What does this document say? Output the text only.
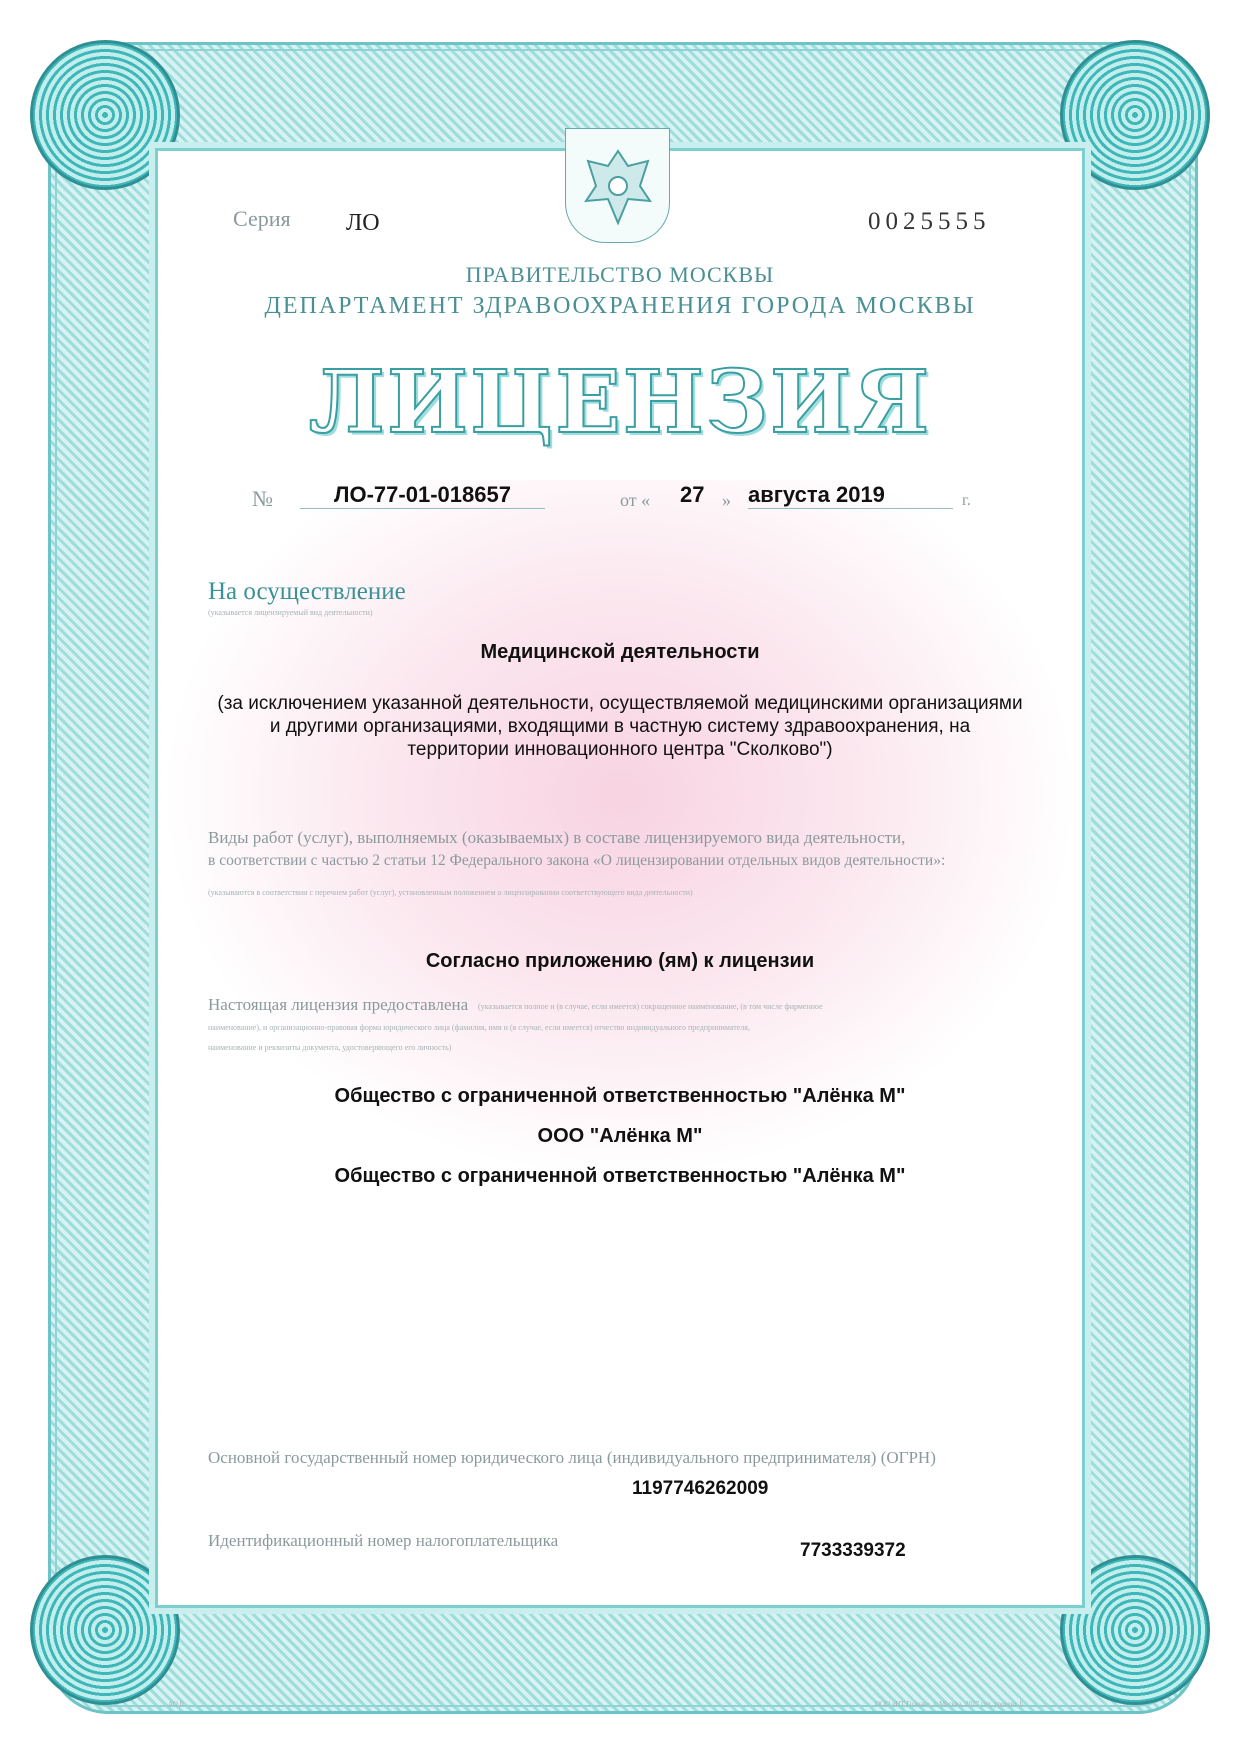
Серия ЛО	0025555
ПРАВИТЕЛЬСТВО МОСКВЫ
ДЕПАРТАМЕНТ ЗДРАВООХРАНЕНИЯ ГОРОДА МОСКВЫ
ЛИЦЕНЗИЯ
№	ЛО-77-01-018657	от « 27 » августа 2019	г.
На осуществление
(указывается лицензируемый вид деятельности)
Медицинской деятельности
(за исключением указанной деятельности, осуществляемой медицинскими организациями
и другими организациями, входящими в частную систему здравоохранения, на
территории инновационного центра "Сколково")
Виды работ (услуг), выполняемых (оказываемых) в составе лицензируемого вида деятельности,
в соответствии с частью 2 статьи 12 Федерального закона «О лицензировании отдельных видов деятельности»:
(указываются в соответствии с перечнем работ (услуг), установленным положением о лицензировании соответствующего вида деятельности)
Согласно приложению (ям) к лицензии
Настоящая лицензия предоставлена (указывается полное и (в случае, если имеется) сокращенное наименование, (в том числе фирменное
наименование), и организационно-правовая форма юридического лица (фамилия, имя и (в случае, если имеется) отчество индивидуального предпринимателя,
наименование и реквизиты документа, удостоверяющего его личность)
Общество с ограниченной ответственностью "Алёнка М"
ООО "Алёнка М"
Общество с ограниченной ответственностью "Алёнка М"
Основной государственный номер юридического лица (индивидуального предпринимателя) (ОГРН)
1197746262009
Идентификационный номер налогоплательщика	7733339372
АО Б	ООО «НТ Гознак», г. Москва, 2017 год, уровень Б
